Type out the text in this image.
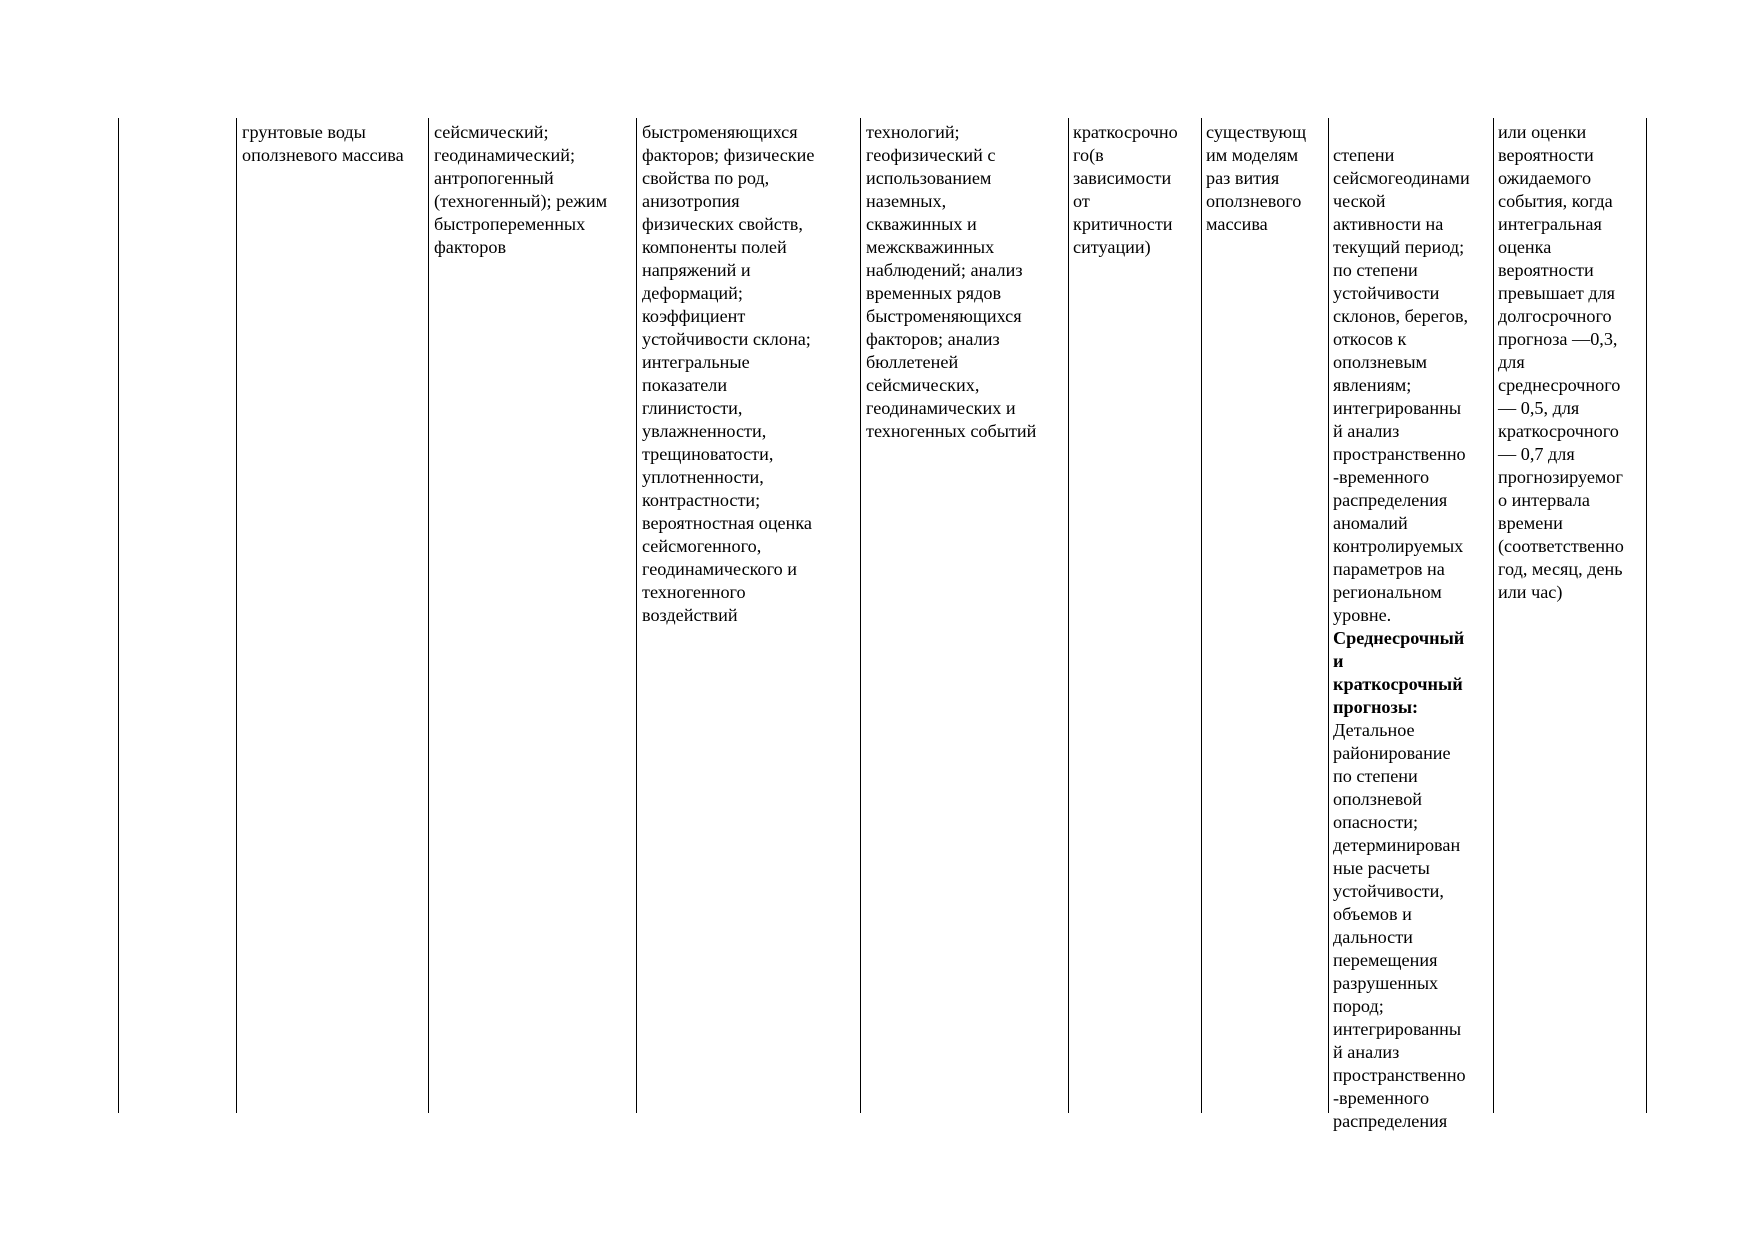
грунтовые воды
оползневого массива
сейсмический;
геодинамический;
антропогенный
(техногенный); режим
быстропеременных
факторов
быстроменяющихся
факторов; физические
свойства по род,
анизотропия
физических свойств,
компоненты полей
напряжений и
деформаций;
коэффициент
устойчивости склона;
интегральные
показатели
глинистости,
увлажненности,
трещиноватости,
уплотненности,
контрастности;
вероятностная оценка
сейсмогенного,
геодинамического и
техногенного
воздействий
технологий;
геофизический с
использованием
наземных,
скважинных и
межскважинных
наблюдений; анализ
временных рядов
быстроменяющихся
факторов; анализ
бюллетеней
сейсмических,
геодинамических и
техногенных событий
краткосрочно
го(в
зависимости
от
критичности
ситуации)
существующ
им моделям
раз вития
оползневого
массива

степени
сейсмогеодинами
ческой
активности на
текущий период;
по степени
устойчивости
склонов, берегов,
откосов к
оползневым
явлениям;
интегрированны
й анализ
пространственно
-временного
распределения
аномалий
контролируемых
параметров на
региональном
уровне.
Среднесрочный
и
краткосрочный
прогнозы:
Детальное
районирование
по степени
оползневой
опасности;
детерминирован
ные расчеты
устойчивости,
объемов и
дальности
перемещения
разрушенных
пород;
интегрированны
й анализ
пространственно
-временного
распределения

или оценки
вероятности
ожидаемого
события, когда
интегральная
оценка
вероятности
превышает для
долгосрочного
прогноза —0,3,
для
среднесрочного
— 0,5, для
краткосрочного
— 0,7 для
прогнозируемог
о интервала
времени
(соответственно
год, месяц, день
или час)
